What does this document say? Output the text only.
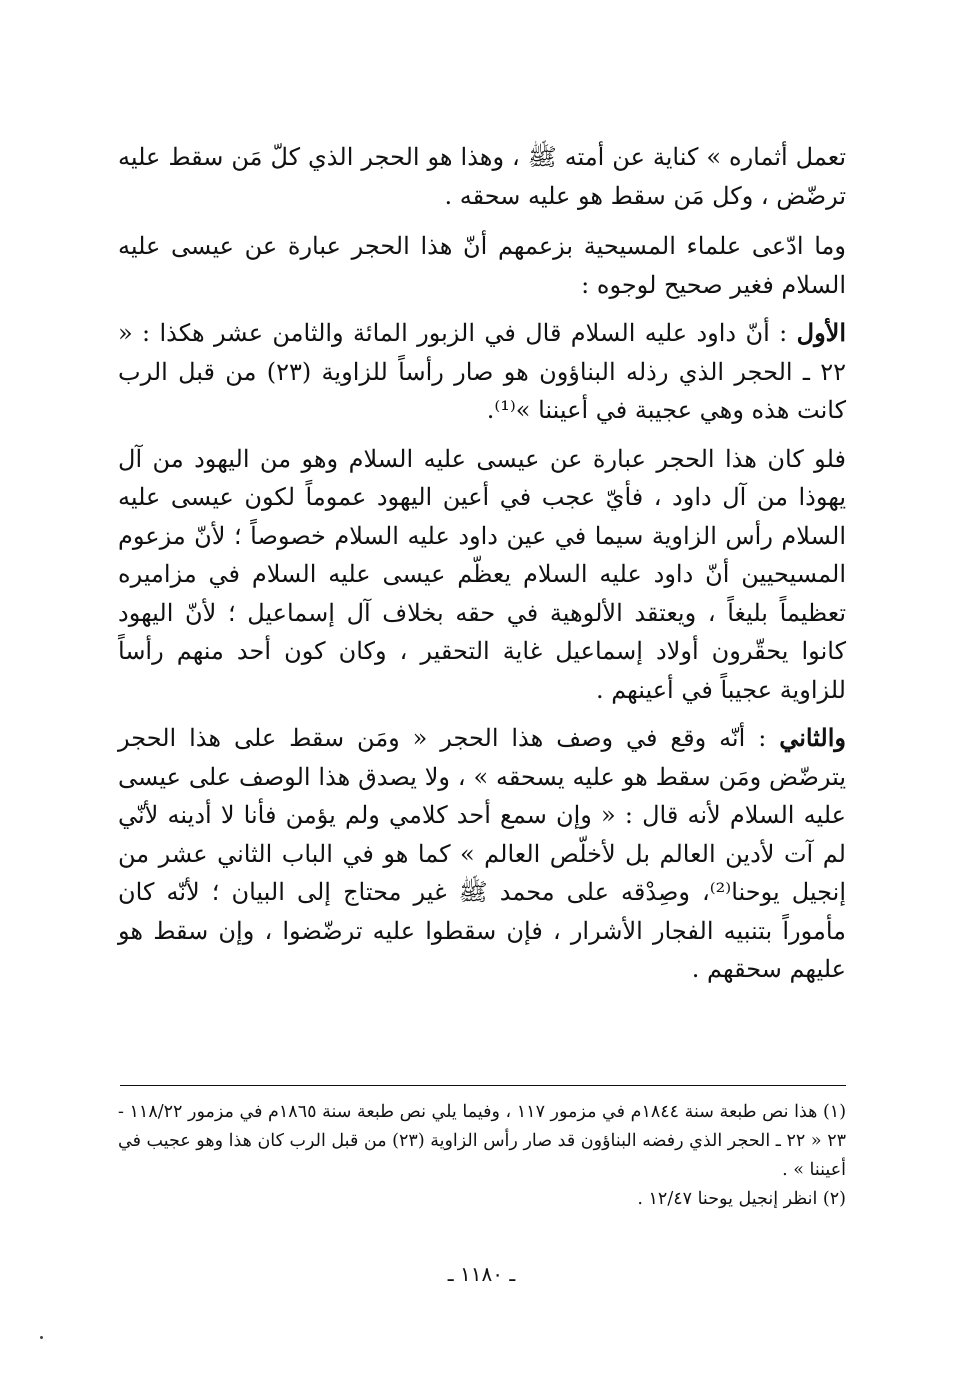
تعمل أثماره » كناية عن أمته ﷺ ، وهذا هو الحجر الذي كلّ مَن سقط عليه ترضّض ، وكل مَن سقط هو عليه سحقه .

وما ادّعى علماء المسيحية بزعمهم أنّ هذا الحجر عبارة عن عيسى عليه السلام فغير صحيح لوجوه :

الأول : أنّ داود عليه السلام قال في الزبور المائة والثامن عشر هكذا : « ٢٢ ـ الحجر الذي رذله البناؤون هو صار رأساً للزاوية (٢٣) من قبل الرب كانت هذه وهي عجيبة في أعيننا »⁽¹⁾.

فلو كان هذا الحجر عبارة عن عيسى عليه السلام وهو من اليهود من آل يهوذا من آل داود ، فأيّ عجب في أعين اليهود عموماً لكون عيسى عليه السلام رأس الزاوية سيما في عين داود عليه السلام خصوصاً ؛ لأنّ مزعوم المسيحيين أنّ داود عليه السلام يعظّم عيسى عليه السلام في مزاميره تعظيماً بليغاً ، ويعتقد الألوهية في حقه بخلاف آل إسماعيل ؛ لأنّ اليهود كانوا يحقّرون أولاد إسماعيل غاية التحقير ، وكان كون أحد منهم رأساً للزاوية عجيباً في أعينهم .

والثاني : أنّه وقع في وصف هذا الحجر « ومَن سقط على هذا الحجر يترضّض ومَن سقط هو عليه يسحقه » ، ولا يصدق هذا الوصف على عيسى عليه السلام لأنه قال : « وإن سمع أحد كلامي ولم يؤمن فأنا لا أدينه لأنّي لم آت لأدين العالم بل لأخلّص العالم » كما هو في الباب الثاني عشر من إنجيل يوحنا⁽²⁾، وصِدْقه على محمد ﷺ غير محتاج إلى البيان ؛ لأنّه كان مأموراً بتنبيه الفجار الأشرار ، فإن سقطوا عليه ترضّضوا ، وإن سقط هو عليهم سحقهم .

(١) هذا نص طبعة سنة ١٨٤٤م في مزمور ١١٧ ، وفيما يلي نص طبعة سنة ١٨٦٥م في مزمور ١١٨/٢٢ - ٢٣ « ٢٢ ـ الحجر الذي رفضه البناؤون قد صار رأس الزاوية (٢٣) من قبل الرب كان هذا وهو عجيب في أعيننا » .

(٢) انظر إنجيل يوحنا ١٢/٤٧ .

ـ ١١٨٠ ـ
